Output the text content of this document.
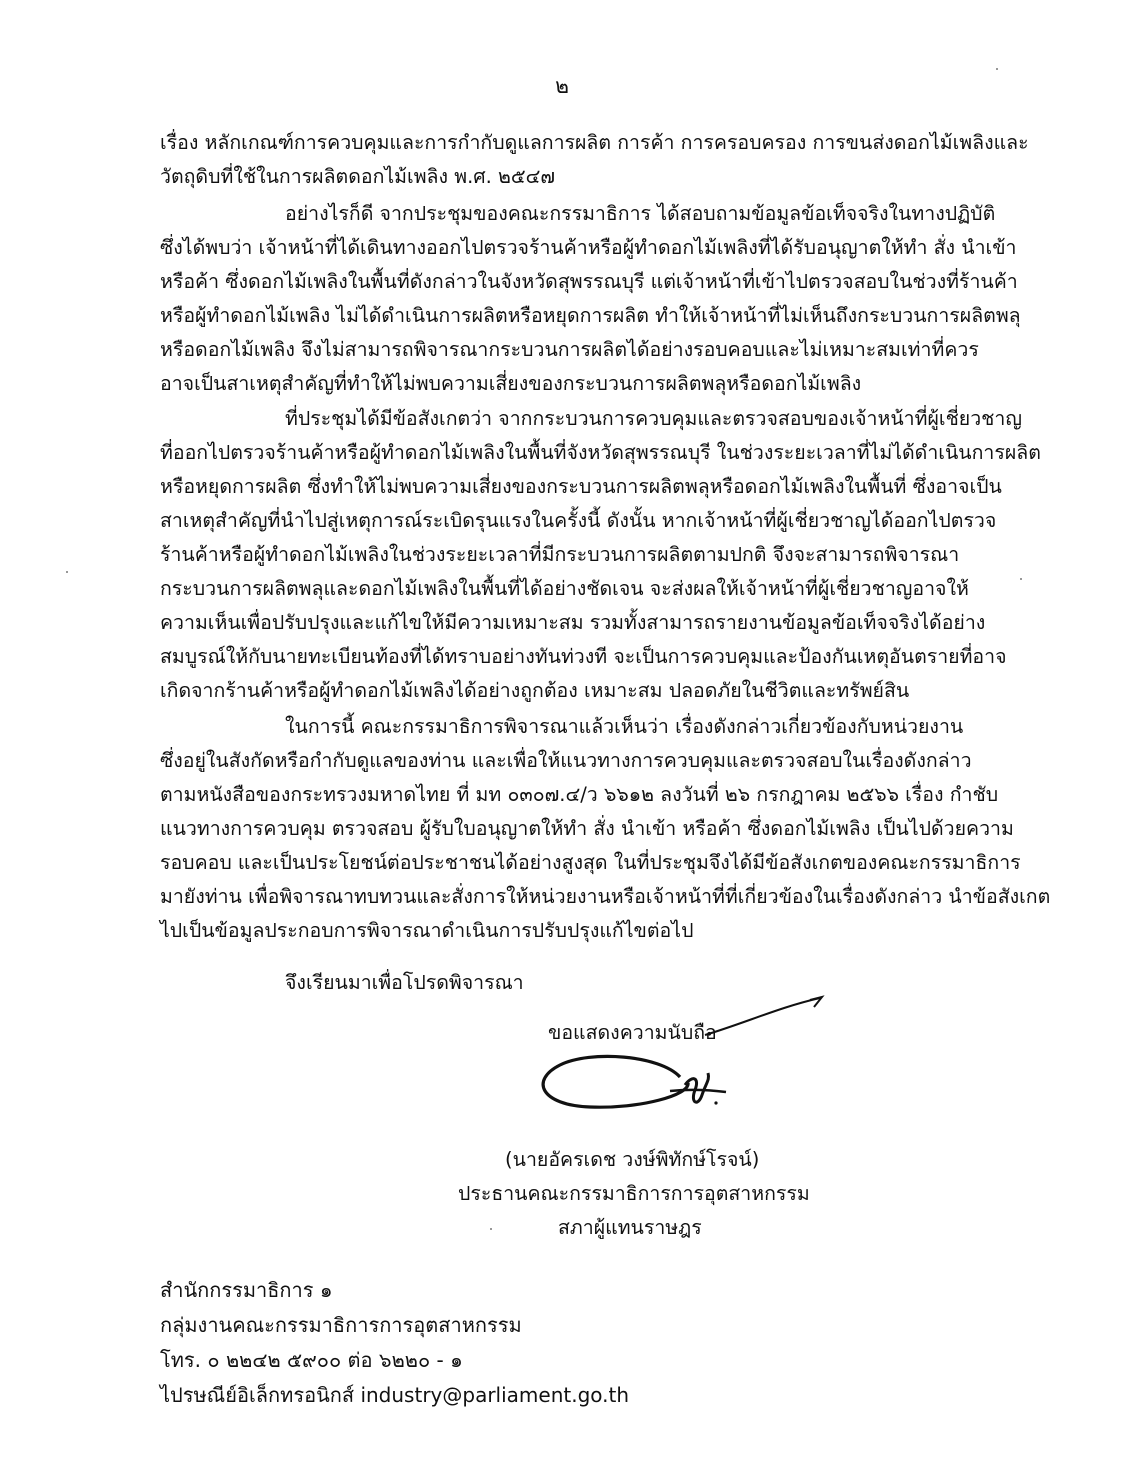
๒
เรื่อง หลักเกณฑ์การควบคุมและการกำกับดูแลการผลิต การค้า การครอบครอง การขนส่งดอกไม้เพลิงและ
วัตถุดิบที่ใช้ในการผลิตดอกไม้เพลิง พ.ศ. ๒๕๔๗
อย่างไรก็ดี จากประชุมของคณะกรรมาธิการ ได้สอบถามข้อมูลข้อเท็จจริงในทางปฏิบัติ
ซึ่งได้พบว่า เจ้าหน้าที่ได้เดินทางออกไปตรวจร้านค้าหรือผู้ทำดอกไม้เพลิงที่ได้รับอนุญาตให้ทำ สั่ง นำเข้า
หรือค้า ซึ่งดอกไม้เพลิงในพื้นที่ดังกล่าวในจังหวัดสุพรรณบุรี แต่เจ้าหน้าที่เข้าไปตรวจสอบในช่วงที่ร้านค้า
หรือผู้ทำดอกไม้เพลิง ไม่ได้ดำเนินการผลิตหรือหยุดการผลิต ทำให้เจ้าหน้าที่ไม่เห็นถึงกระบวนการผลิตพลุ
หรือดอกไม้เพลิง จึงไม่สามารถพิจารณากระบวนการผลิตได้อย่างรอบคอบและไม่เหมาะสมเท่าที่ควร
อาจเป็นสาเหตุสำคัญที่ทำให้ไม่พบความเสี่ยงของกระบวนการผลิตพลุหรือดอกไม้เพลิง
ที่ประชุมได้มีข้อสังเกตว่า จากกระบวนการควบคุมและตรวจสอบของเจ้าหน้าที่ผู้เชี่ยวชาญ
ที่ออกไปตรวจร้านค้าหรือผู้ทำดอกไม้เพลิงในพื้นที่จังหวัดสุพรรณบุรี ในช่วงระยะเวลาที่ไม่ได้ดำเนินการผลิต
หรือหยุดการผลิต ซึ่งทำให้ไม่พบความเสี่ยงของกระบวนการผลิตพลุหรือดอกไม้เพลิงในพื้นที่ ซึ่งอาจเป็น
สาเหตุสำคัญที่นำไปสู่เหตุการณ์ระเบิดรุนแรงในครั้งนี้ ดังนั้น หากเจ้าหน้าที่ผู้เชี่ยวชาญได้ออกไปตรวจ
ร้านค้าหรือผู้ทำดอกไม้เพลิงในช่วงระยะเวลาที่มีกระบวนการผลิตตามปกติ จึงจะสามารถพิจารณา
กระบวนการผลิตพลุและดอกไม้เพลิงในพื้นที่ได้อย่างชัดเจน จะส่งผลให้เจ้าหน้าที่ผู้เชี่ยวชาญอาจให้
ความเห็นเพื่อปรับปรุงและแก้ไขให้มีความเหมาะสม รวมทั้งสามารถรายงานข้อมูลข้อเท็จจริงได้อย่าง
สมบูรณ์ให้กับนายทะเบียนท้องที่ได้ทราบอย่างทันท่วงที จะเป็นการควบคุมและป้องกันเหตุอันตรายที่อาจ
เกิดจากร้านค้าหรือผู้ทำดอกไม้เพลิงได้อย่างถูกต้อง เหมาะสม ปลอดภัยในชีวิตและทรัพย์สิน
ในการนี้ คณะกรรมาธิการพิจารณาแล้วเห็นว่า เรื่องดังกล่าวเกี่ยวข้องกับหน่วยงาน
ซึ่งอยู่ในสังกัดหรือกำกับดูแลของท่าน และเพื่อให้แนวทางการควบคุมและตรวจสอบในเรื่องดังกล่าว
ตามหนังสือของกระทรวงมหาดไทย ที่ มท ๐๓๐๗.๔/ว ๖๖๑๒ ลงวันที่ ๒๖ กรกฎาคม ๒๕๖๖ เรื่อง กำชับ
แนวทางการควบคุม ตรวจสอบ ผู้รับใบอนุญาตให้ทำ สั่ง นำเข้า หรือค้า ซึ่งดอกไม้เพลิง เป็นไปด้วยความ
รอบคอบ และเป็นประโยชน์ต่อประชาชนได้อย่างสูงสุด ในที่ประชุมจึงได้มีข้อสังเกตของคณะกรรมาธิการ
มายังท่าน เพื่อพิจารณาทบทวนและสั่งการให้หน่วยงานหรือเจ้าหน้าที่ที่เกี่ยวข้องในเรื่องดังกล่าว นำข้อสังเกต
ไปเป็นข้อมูลประกอบการพิจารณาดำเนินการปรับปรุงแก้ไขต่อไป
จึงเรียนมาเพื่อโปรดพิจารณา
ขอแสดงความนับถือ
(นายอัครเดช วงษ์พิทักษ์โรจน์)
ประธานคณะกรรมาธิการการอุตสาหกรรม
สภาผู้แทนราษฎร
สำนักกรรมาธิการ ๑
กลุ่มงานคณะกรรมาธิการการอุตสาหกรรม
โทร. ๐ ๒๒๔๒ ๕๙๐๐ ต่อ ๖๒๒๐ - ๑
ไปรษณีย์อิเล็กทรอนิกส์ industry@parliament.go.th
